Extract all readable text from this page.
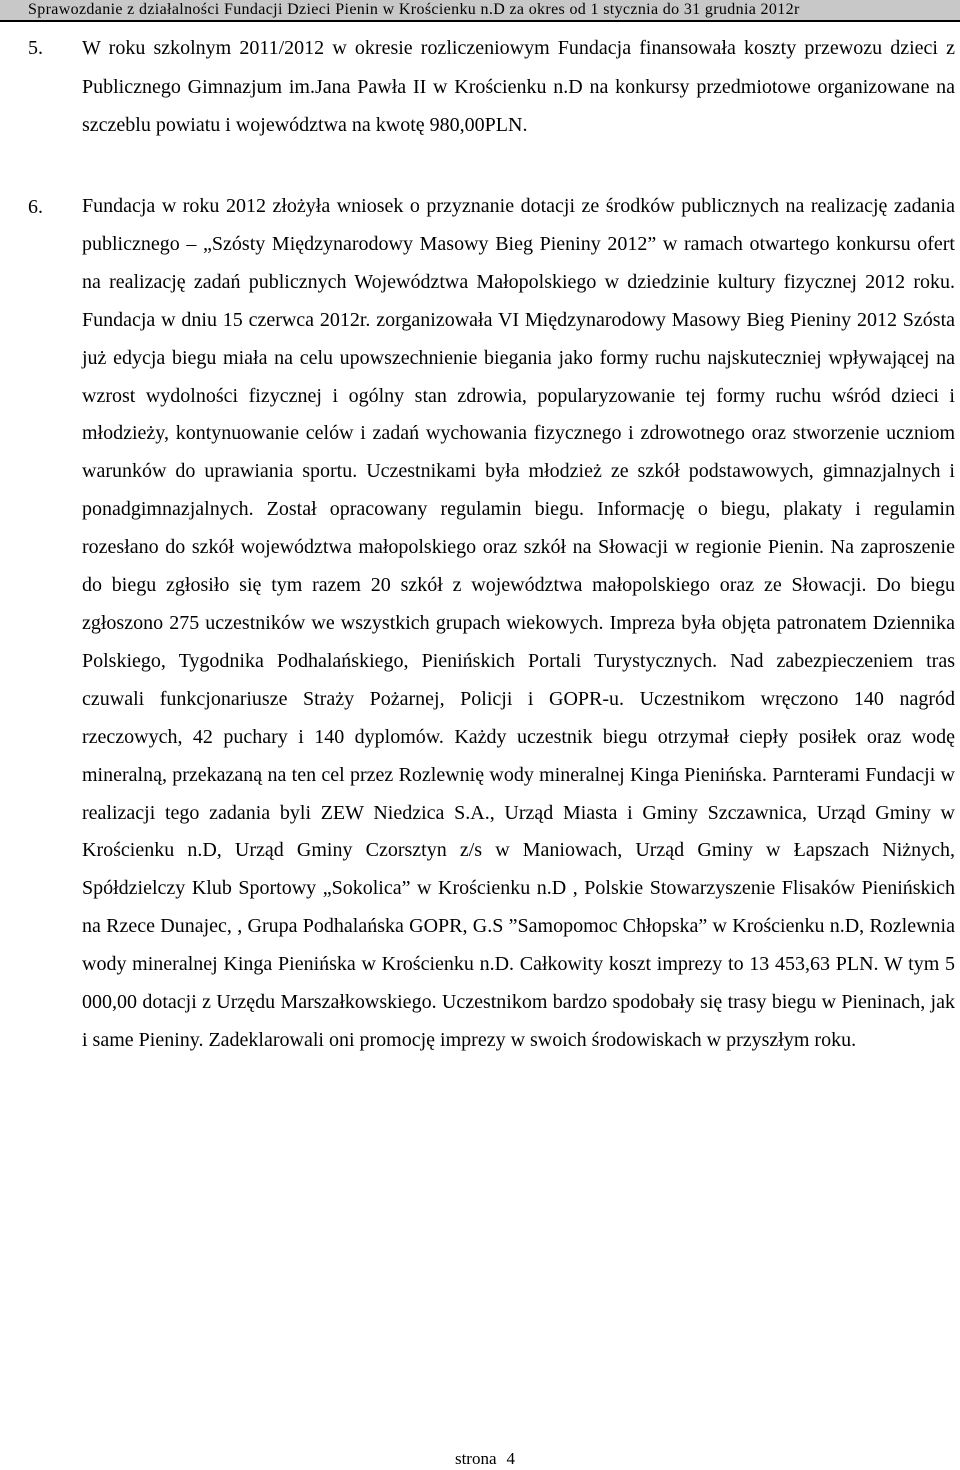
Sprawozdanie z działalności Fundacji Dzieci Pienin w Krościenku n.D za okres od 1 stycznia do 31 grudnia 2012r
5. W roku szkolnym 2011/2012 w okresie rozliczeniowym Fundacja finansowała koszty przewozu dzieci z Publicznego Gimnazjum im.Jana Pawła II w Krościenku n.D na konkursy przedmiotowe organizowane na szczeblu powiatu i województwa na kwotę 980,00PLN.

6. Fundacja w roku 2012 złożyła wniosek o przyznanie dotacji ze środków publicznych na realizację zadania publicznego – „Szósty Międzynarodowy Masowy Bieg Pieniny 2012” w ramach otwartego konkursu ofert na realizację zadań publicznych Województwa Małopolskiego w dziedzinie kultury fizycznej 2012 roku. Fundacja w dniu 15 czerwca 2012r. zorganizowała VI Międzynarodowy Masowy Bieg Pieniny 2012 Szósta już edycja biegu miała na celu upowszechnienie biegania jako formy ruchu najskuteczniej wpływającej na wzrost wydolności fizycznej i ogólny stan zdrowia, popularyzowanie tej formy ruchu wśród dzieci i młodzieży, kontynuowanie celów i zadań wychowania fizycznego i zdrowotnego oraz stworzenie uczniom warunków do uprawiania sportu. Uczestnikami była młodzież ze szkół podstawowych, gimnazjalnych i ponadgimnazjalnych. Został opracowany regulamin biegu. Informację o biegu, plakaty i regulamin rozesłano do szkół województwa małopolskiego oraz szkół na Słowacji w regionie Pienin. Na zaproszenie do biegu zgłosiło się tym razem 20 szkół z województwa małopolskiego oraz ze Słowacji. Do biegu zgłoszono 275 uczestników we wszystkich grupach wiekowych. Impreza była objęta patronatem Dziennika Polskiego, Tygodnika Podhalańskiego, Pienińskich Portali Turystycznych. Nad zabezpieczeniem tras czuwali funkcjonariusze Straży Pożarnej, Policji i GOPR-u. Uczestnikom wręczono 140 nagród rzeczowych, 42 puchary i 140 dyplomów. Każdy uczestnik biegu otrzymał ciepły posiłek oraz wodę mineralną, przekazaną na ten cel przez Rozlewnię wody mineralnej Kinga Pienińska. Parnterami Fundacji w realizacji tego zadania byli ZEW Niedzica S.A., Urząd Miasta i Gminy Szczawnica, Urząd Gminy w Krościenku n.D, Urząd Gminy Czorsztyn z/s w Maniowach, Urząd Gminy w Łapszach Niżnych, Spółdzielczy Klub Sportowy „Sokolica” w Krościenku n.D , Polskie Stowarzyszenie Flisaków Pienińskich na Rzece Dunajec, , Grupa Podhalańska GOPR, G.S ”Samopomoc Chłopska” w Krościenku n.D, Rozlewnia wody mineralnej Kinga Pienińska w Krościenku n.D. Całkowity koszt imprezy to 13 453,63 PLN. W tym 5 000,00 dotacji z Urzędu Marszałkowskiego. Uczestnikom bardzo spodobały się trasy biegu w Pieninach, jak i same Pieniny. Zadeklarowali oni promocję imprezy w swoich środowiskach w przyszłym roku.

strona 4
